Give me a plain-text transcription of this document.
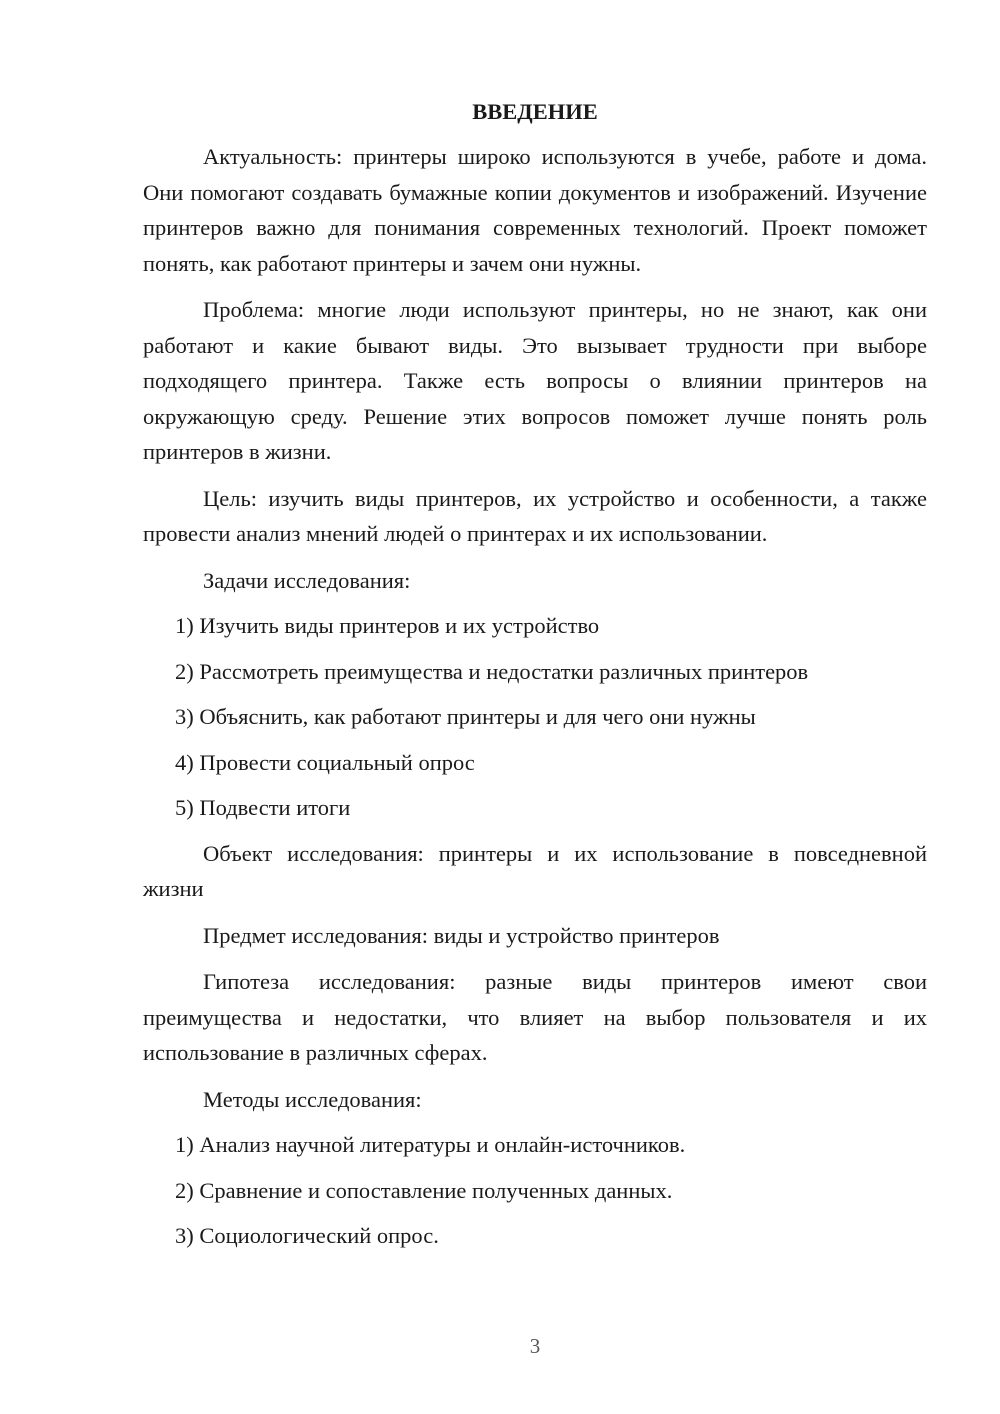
ВВЕДЕНИЕ

Актуальность: принтеры широко используются в учебе, работе и дома. Они помогают создавать бумажные копии документов и изображений. Изучение принтеров важно для понимания современных технологий. Проект поможет понять, как работают принтеры и зачем они нужны.

Проблема: многие люди используют принтеры, но не знают, как они работают и какие бывают виды. Это вызывает трудности при выборе подходящего принтера. Также есть вопросы о влиянии принтеров на окружающую среду. Решение этих вопросов поможет лучше понять роль принтеров в жизни.

Цель: изучить виды принтеров, их устройство и особенности, а также провести анализ мнений людей о принтерах и их использовании.

Задачи исследования:
1) Изучить виды принтеров и их устройство
2) Рассмотреть преимущества и недостатки различных принтеров
3) Объяснить, как работают принтеры и для чего они нужны
4) Провести социальный опрос
5) Подвести итоги

Объект исследования: принтеры и их использование в повседневной жизни

Предмет исследования: виды и устройство принтеров

Гипотеза исследования: разные виды принтеров имеют свои преимущества и недостатки, что влияет на выбор пользователя и их использование в различных сферах.

Методы исследования:
1) Анализ научной литературы и онлайн-источников.
2) Сравнение и сопоставление полученных данных.
3) Социологический опрос.
3
